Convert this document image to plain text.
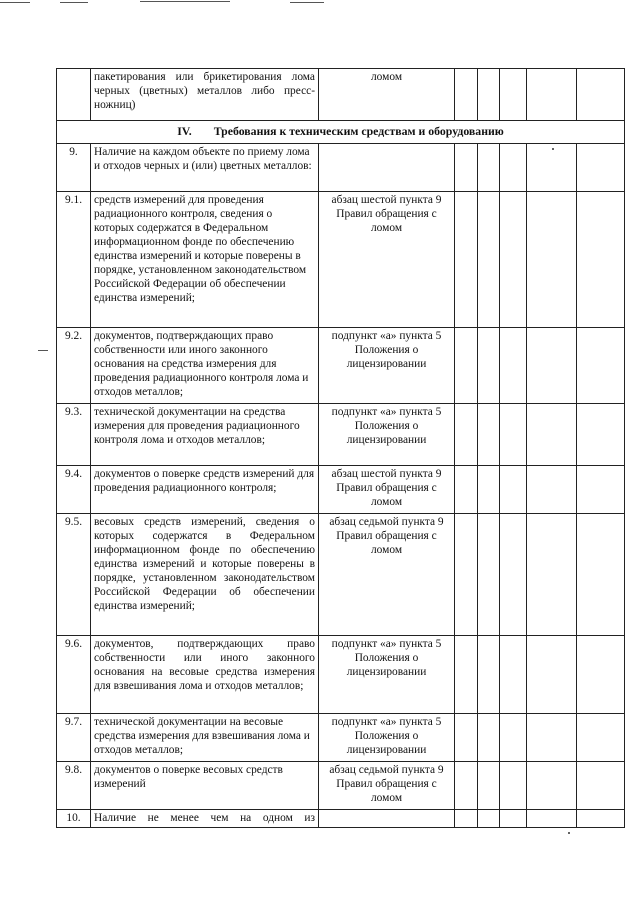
	пакетирования или брикетирования лома черных (цветных) металлов либо пресс-ножниц)	ломом					
IV. Требования к техническим средствам и оборудованию							
9.	Наличие на каждом объекте по приему лома и отходов черных и (или) цветных металлов:						
9.1.	средств измерений для проведения радиационного контроля, сведения о которых содержатся в Федеральном информационном фонде по обеспечению единства измерений и которые поверены в порядке, установленном законодательством Российской Федерации об обеспечении единства измерений;	абзац шестой пункта 9 Правил обращения с ломом					
9.2.	документов, подтверждающих право собственности или иного законного основания на средства измерения для проведения радиационного контроля лома и отходов металлов;	подпункт «а» пункта 5 Положения о лицензировании					
9.3.	технической документации на средства измерения для проведения радиационного контроля лома и отходов металлов;	подпункт «а» пункта 5 Положения о лицензировании					
9.4.	документов о поверке средств измерений для проведения радиационного контроля;	абзац шестой пункта 9 Правил обращения с ломом					
9.5.	весовых средств измерений, сведения о которых содержатся в Федеральном информационном фонде по обеспечению единства измерений и которые поверены в порядке, установленном законодательством Российской Федерации об обеспечении единства измерений;	абзац седьмой пункта 9 Правил обращения с ломом					
9.6.	документов, подтверждающих право собственности или иного законного основания на весовые средства измерения для взвешивания лома и отходов металлов;	подпункт «а» пункта 5 Положения о лицензировании					
9.7.	технической документации на весовые средства измерения для взвешивания лома и отходов металлов;	подпункт «а» пункта 5 Положения о лицензировании					
9.8.	документов о поверке весовых средств измерений	абзац седьмой пункта 9 Правил обращения с ломом					
10.	Наличие не менее чем на одном из						
